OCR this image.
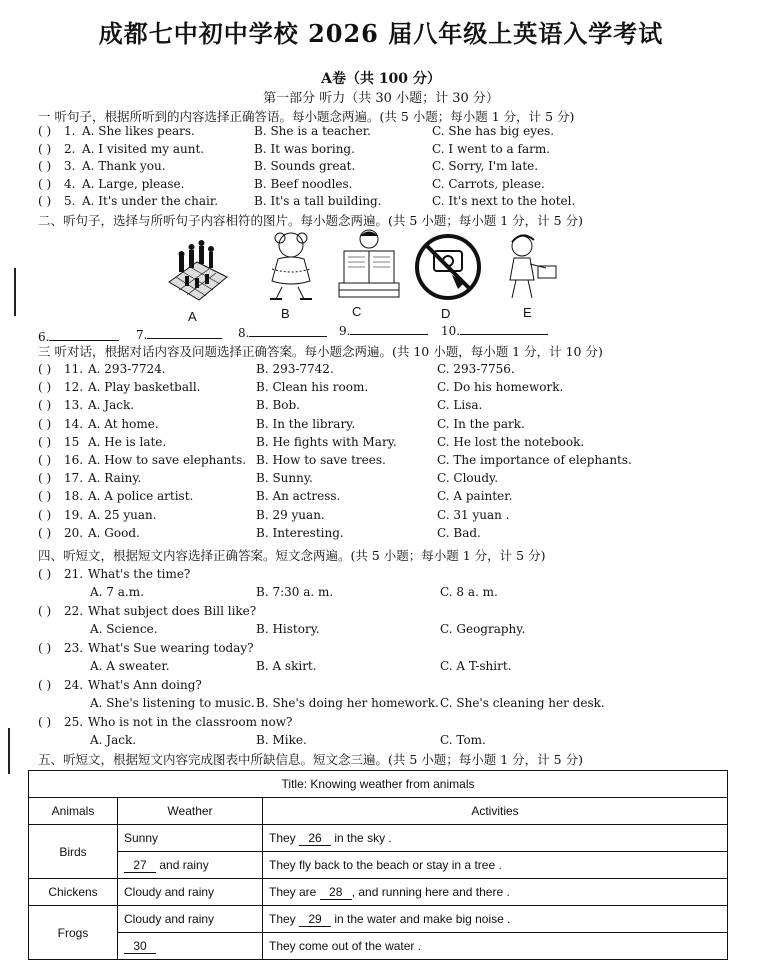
成都七中初中学校 2026 届八年级上英语入学考试
A卷（共 100 分）
第一部分 听力（共 30 小题；计 30 分）
一 听句子，根据所听到的内容选择正确答语。每小题念两遍。(共 5 小题；每小题 1 分，计 5 分)
( ) 1. A. She likes pears.	B. She is a teacher.	C. She has big eyes.
( ) 2. A. I visited my aunt.	B. It was boring.	C. I went to a farm.
( ) 3. A. Thank you.	B. Sounds great.	C. Sorry, I'm late.
( ) 4. A. Large, please.	B. Beef noodles.	C. Carrots, please.
( ) 5. A. It's under the chair.	B. It's a tall building.	C. It's next to the hotel.
二、听句子，选择与所听句子内容相符的图片。每小题念两遍。(共 5 小题；每小题 1 分，计 5 分)
A	B	C	D	E
6.	7.	8.	9.	10.
三 听对话，根据对话内容及问题选择正确答案。每小题念两遍。(共 10 小题，每小题 1 分，计 10 分)
( ) 11. A. 293-7724.	B. 293-7742.	C. 293-7756.
( ) 12. A. Play basketball.	B. Clean his room.	C. Do his homework.
( ) 13. A. Jack.	B. Bob.	C. Lisa.
( ) 14. A. At home.	B. In the library.	C. In the park.
( ) 15 A. He is late.	B. He fights with Mary.	C. He lost the notebook.
( ) 16. A. How to save elephants. B. How to save trees.	C. The importance of elephants.
( ) 17. A. Rainy.	B. Sunny.	C. Cloudy.
( ) 18. A. A police artist.	B. An actress.	C. A painter.
( ) 19. A. 25 yuan.	B. 29 yuan.	C. 31 yuan .
( ) 20. A. Good.	B. Interesting.	C. Bad.
四、听短文，根据短文内容选择正确答案。短文念两遍。(共 5 小题；每小题 1 分，计 5 分)
( ) 21. What's the time?
A. 7 a.m.	B. 7:30 a. m.	C. 8 a. m.
( ) 22. What subject does Bill like?
A. Science.	B. History.	C. Geography.
( ) 23. What's Sue wearing today?
A. A sweater.	B. A skirt.	C. A T-shirt.
( ) 24. What's Ann doing?
A. She's listening to music. B. She's doing her homework. C. She's cleaning her desk.
( ) 25. Who is not in the classroom now?
A. Jack.	B. Mike.	C. Tom.
五、听短文，根据短文内容完成图表中所缺信息。短文念三遍。(共 5 小题；每小题 1 分，计 5 分)
Title: Knowing weather from animals		
Animals	Weather	Activities
Birds	Sunny	They 26 in the sky .
	27 and rainy	They fly back to the beach or stay in a tree .
Chickens	Cloudy and rainy	They are 28 , and running here and there .
Frogs	Cloudy and rainy	They 29 in the water and make big noise .
	30	They come out of the water .
